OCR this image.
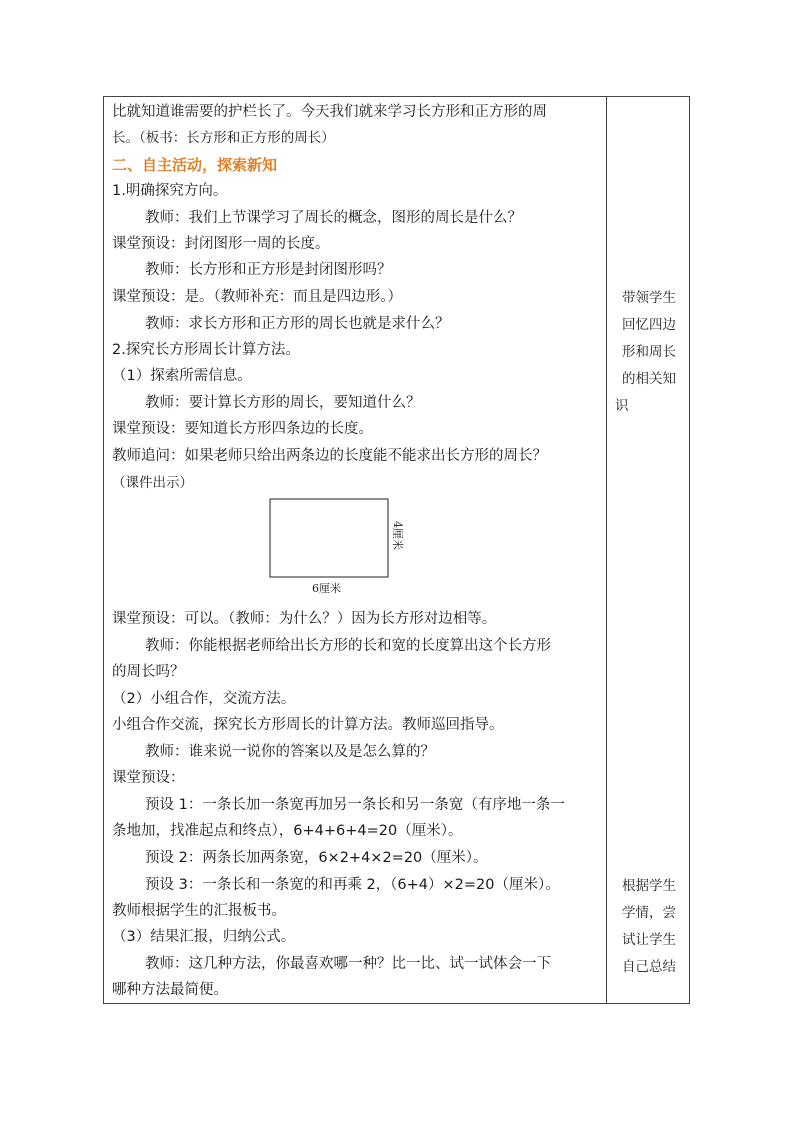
比就知道谁需要的护栏长了。今天我们就来学习长方形和正方形的周
长。（板书：长方形和正方形的周长）
二、自主活动，探索新知
1.明确探究方向。
教师：我们上节课学习了周长的概念，图形的周长是什么？
课堂预设：封闭图形一周的长度。
教师：长方形和正方形是封闭图形吗？
课堂预设：是。（教师补充：而且是四边形。）
教师：求长方形和正方形的周长也就是求什么？
2.探究长方形周长计算方法。
（1）探索所需信息。
教师：要计算长方形的周长，要知道什么？
课堂预设：要知道长方形四条边的长度。
教师追问：如果老师只给出两条边的长度能不能求出长方形的周长？
（课件出示）
4厘米
6厘米
课堂预设：可以。（教师：为什么？）因为长方形对边相等。
教师：你能根据老师给出长方形的长和宽的长度算出这个长方形
的周长吗？
（2）小组合作，交流方法。
小组合作交流，探究长方形周长的计算方法。教师巡回指导。
教师：谁来说一说你的答案以及是怎么算的？
课堂预设：
预设 1：一条长加一条宽再加另一条长和另一条宽（有序地一条一
条地加，找准起点和终点），6+4+6+4=20（厘米）。
预设 2：两条长加两条宽，6×2+4×2=20（厘米）。
预设 3：一条长和一条宽的和再乘 2，（6+4）×2=20（厘米）。
教师根据学生的汇报板书。
（3）结果汇报，归纳公式。
教师：这几种方法，你最喜欢哪一种？比一比、试一试体会一下
哪种方法最简便。
带领学生
回忆四边
形和周长
的相关知
识
根据学生
学情，尝
试让学生
自己总结
